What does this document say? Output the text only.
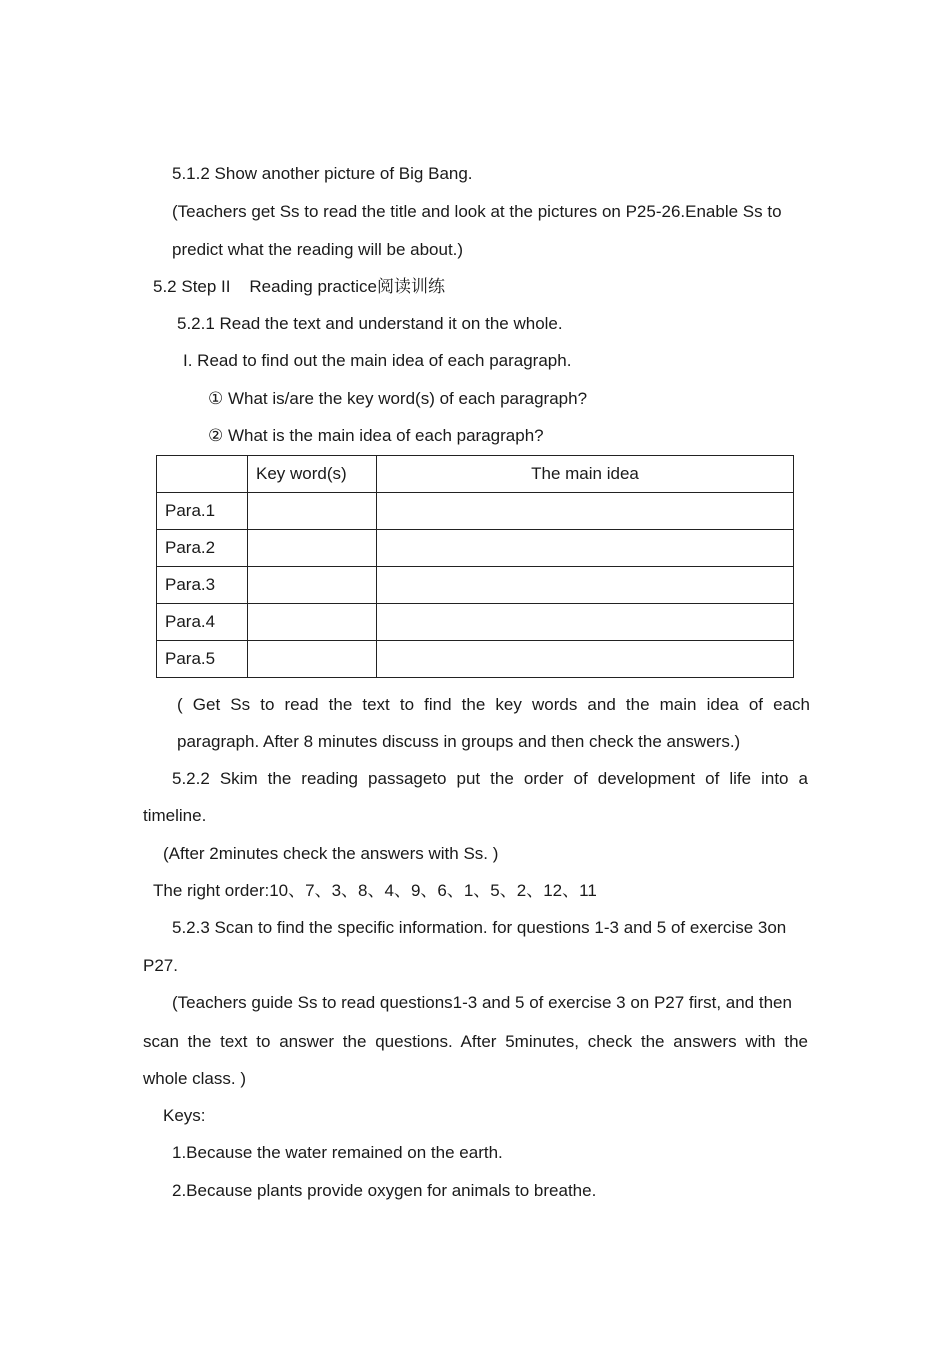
5.1.2 Show another picture of Big Bang.
(Teachers get Ss to read the title and look at the pictures on P25-26.Enable Ss to
predict what the reading will be about.)
5.2 Step II    Reading practice阅读训练
5.2.1 Read the text and understand it on the whole.
I. Read to find out the main idea of each paragraph.
① What is/are the key word(s) of each paragraph?
② What is the main idea of each paragraph?
	Key word(s)	The main idea
Para.1		
Para.2		
Para.3		
Para.4		
Para.5		
( Get Ss to read the text to find the key words and the main idea of each
paragraph. After 8 minutes discuss in groups and then check the answers.)
5.2.2 Skim the reading passageto put the order of development of life into a
timeline.
(After 2minutes check the answers with Ss. )
The right order:10、7、3、8、4、9、6、1、5、2、12、11
5.2.3 Scan to find the specific information. for questions 1-3 and 5 of exercise 3on
P27.
(Teachers guide Ss to read questions1-3 and 5 of exercise 3 on P27 first, and then
scan the text to answer the questions. After 5minutes, check the answers with the
whole class. )
Keys:
1.Because the water remained on the earth.
2.Because plants provide oxygen for animals to breathe.
